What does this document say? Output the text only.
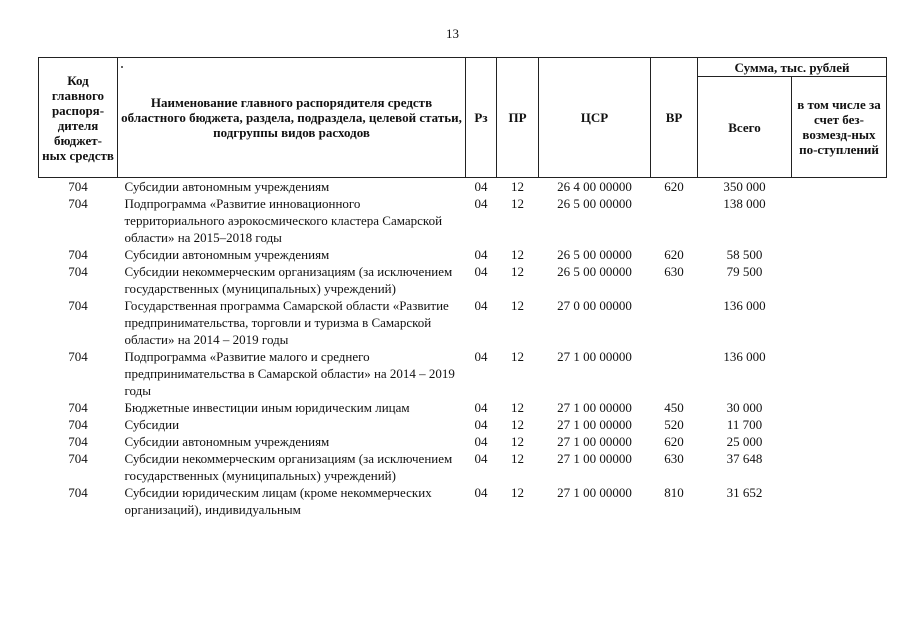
13
Код главного распоря-дителя бюджет-ных средств	Наименование главного распорядителя средств областного бюджета, раздела, подраздела, целевой статьи, подгруппы видов расходов	Рз	ПР	ЦСР	ВР	Сумма, тыс. рублей	
						Всего	в том числе за счет без-возмезд-ных по-ступлений
704	Субсидии автономным учреждениям	04	12	26 4 00 00000	620	350 000	
704	Подпрограмма «Развитие инновационного территориального аэрокосмического кластера Самарской области» на 2015–2018 годы	04	12	26 5 00 00000		138 000	
704	Субсидии автономным учреждениям	04	12	26 5 00 00000	620	58 500	
704	Субсидии некоммерческим организациям (за исключением государственных (муниципальных) учреждений)	04	12	26 5 00 00000	630	79 500	
704	Государственная программа Самарской области «Развитие предпринимательства, торговли и туризма в Самарской области» на 2014 – 2019 годы	04	12	27 0 00 00000		136 000	
704	Подпрограмма «Развитие малого и среднего предпринимательства в Самарской области» на 2014 – 2019 годы	04	12	27 1 00 00000		136 000	
704	Бюджетные инвестиции иным юридическим лицам	04	12	27 1 00 00000	450	30 000	
704	Субсидии	04	12	27 1 00 00000	520	11 700	
704	Субсидии автономным учреждениям	04	12	27 1 00 00000	620	25 000	
704	Субсидии некоммерческим организациям (за исключением государственных (муниципальных) учреждений)	04	12	27 1 00 00000	630	37 648	
704	Субсидии юридическим лицам (кроме некоммерческих организаций), индивидуальным	04	12	27 1 00 00000	810	31 652	
